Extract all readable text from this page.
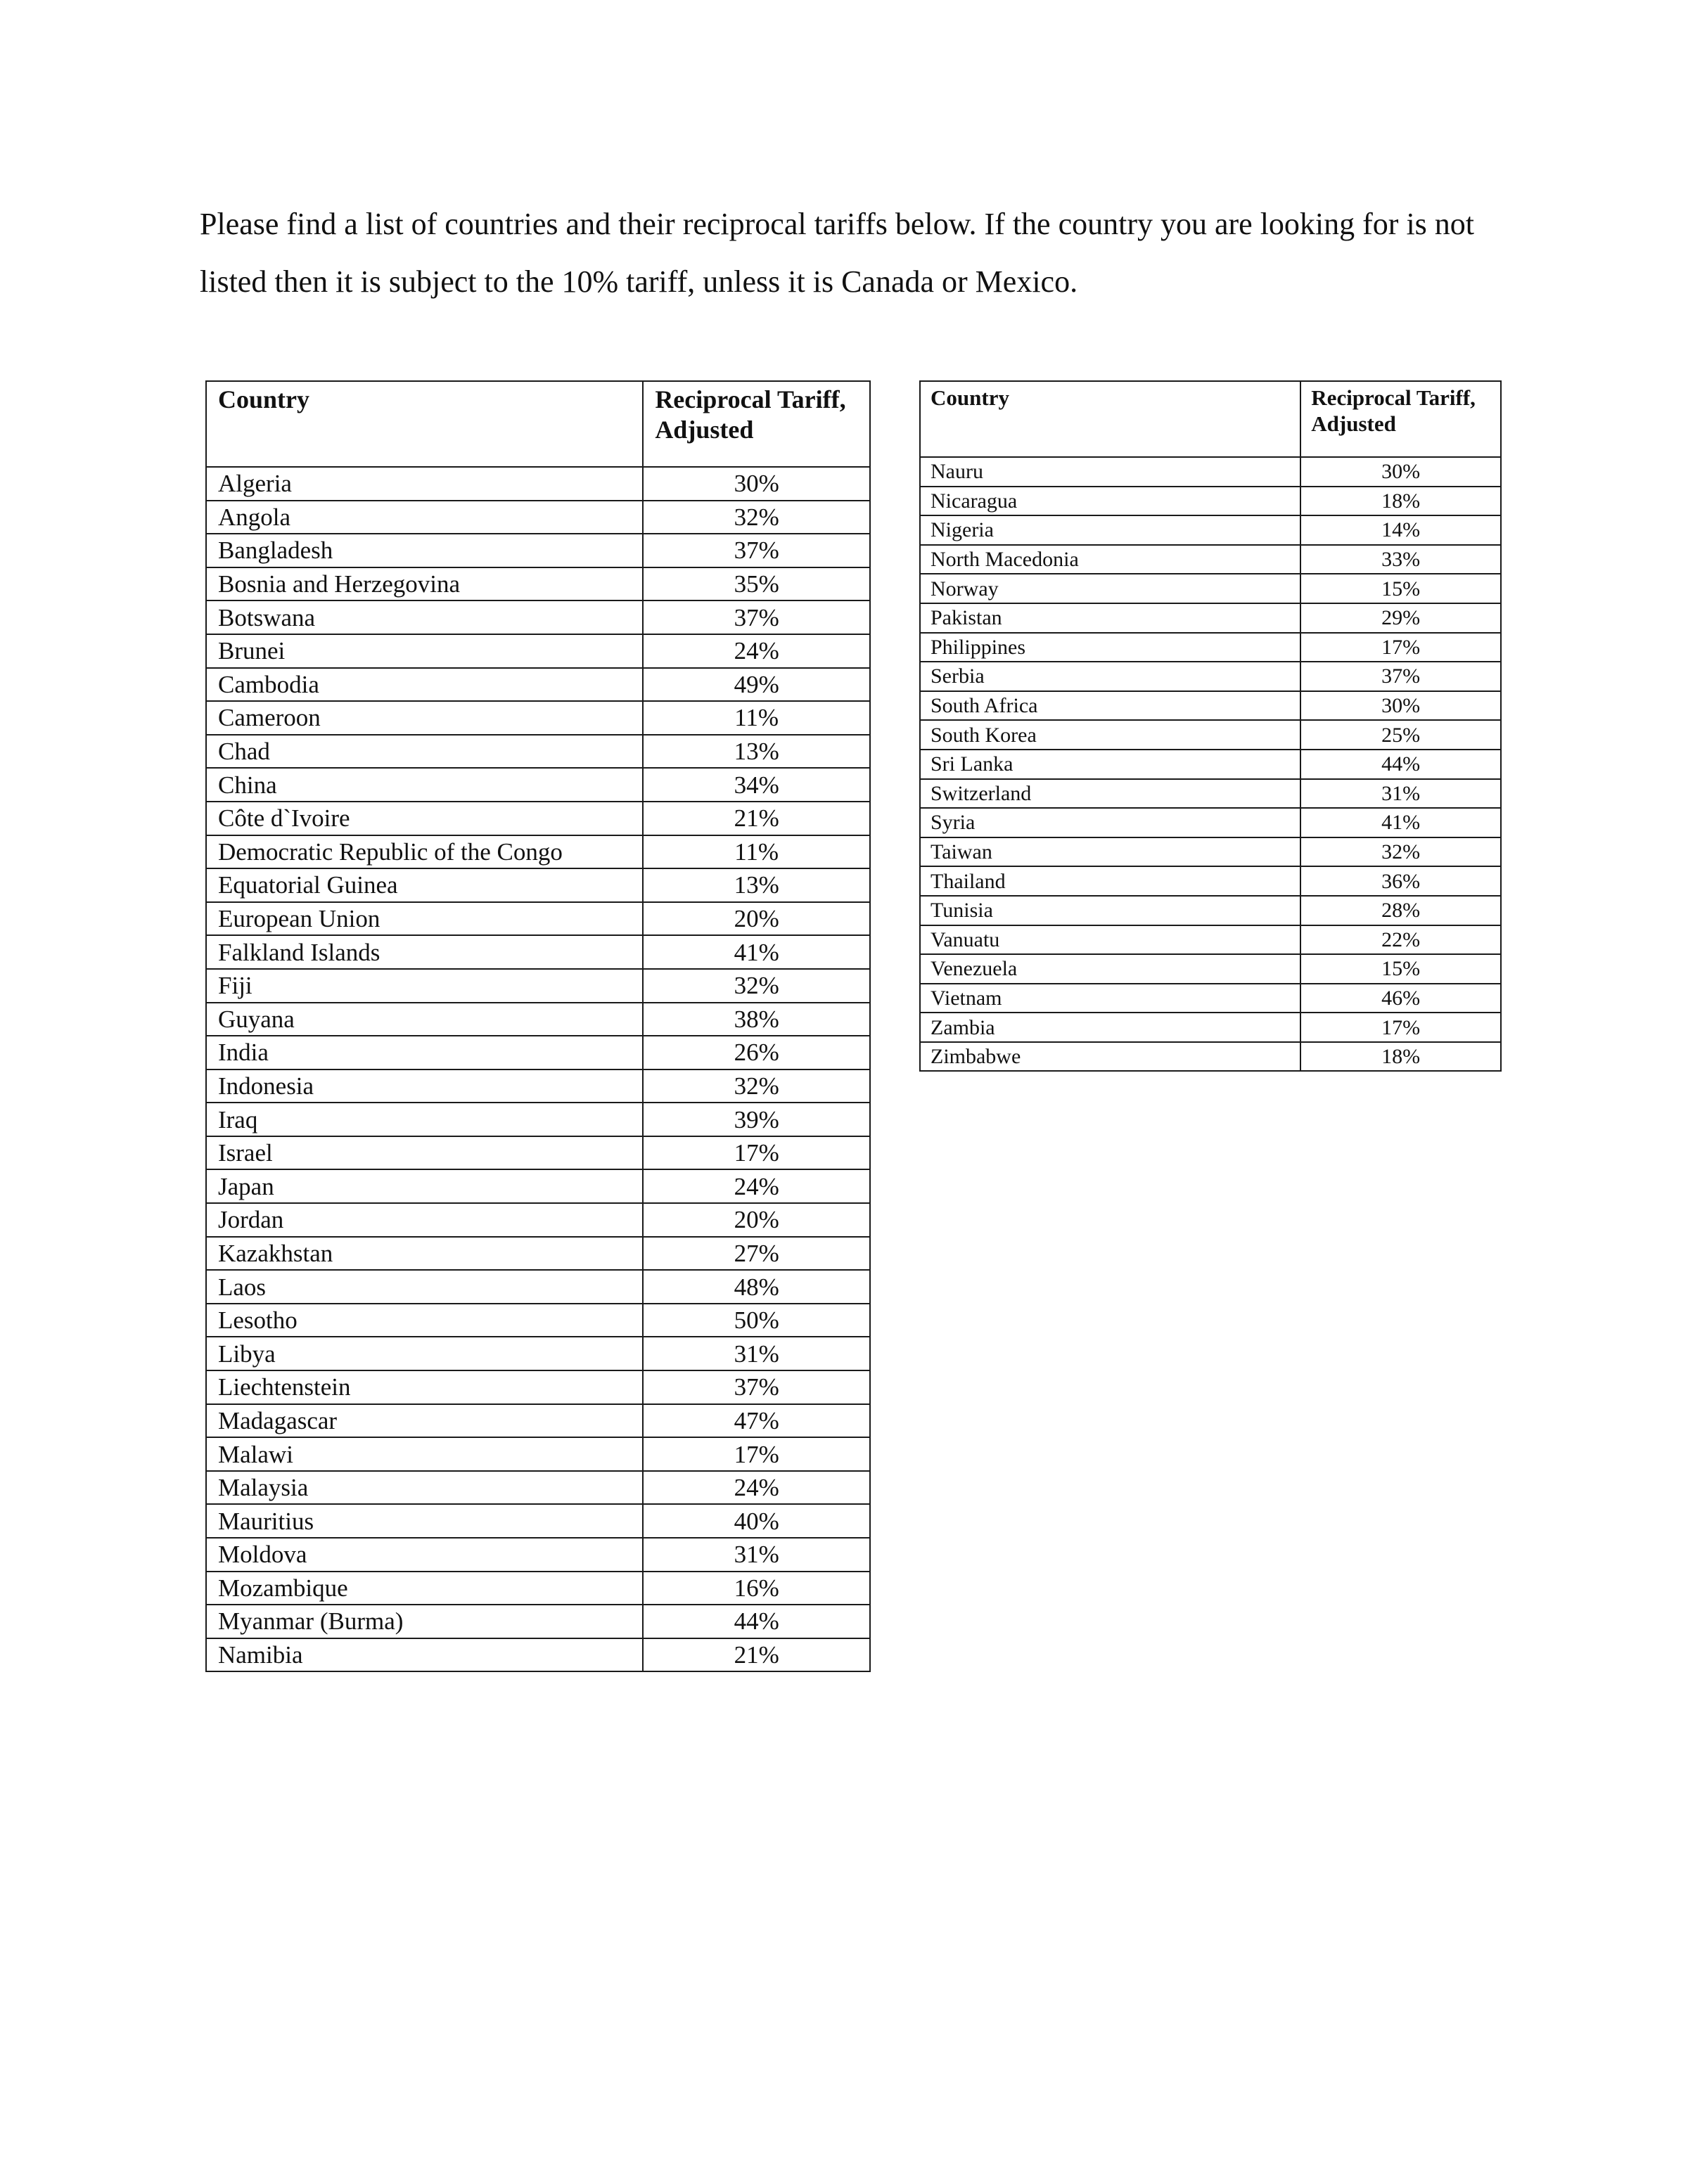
Please find a list of countries and their reciprocal tariffs below. If the country you are looking for is not listed then it is subject to the 10% tariff, unless it is Canada or Mexico.

Country	Reciprocal Tariff, Adjusted
Algeria	30%
Angola	32%
Bangladesh	37%
Bosnia and Herzegovina	35%
Botswana	37%
Brunei	24%
Cambodia	49%
Cameroon	11%
Chad	13%
China	34%
Côte d`Ivoire	21%
Democratic Republic of the Congo	11%
Equatorial Guinea	13%
European Union	20%
Falkland Islands	41%
Fiji	32%
Guyana	38%
India	26%
Indonesia	32%
Iraq	39%
Israel	17%
Japan	24%
Jordan	20%
Kazakhstan	27%
Laos	48%
Lesotho	50%
Libya	31%
Liechtenstein	37%
Madagascar	47%
Malawi	17%
Malaysia	24%
Mauritius	40%
Moldova	31%
Mozambique	16%
Myanmar (Burma)	44%
Namibia	21%
Country	Reciprocal Tariff, Adjusted
Nauru	30%
Nicaragua	18%
Nigeria	14%
North Macedonia	33%
Norway	15%
Pakistan	29%
Philippines	17%
Serbia	37%
South Africa	30%
South Korea	25%
Sri Lanka	44%
Switzerland	31%
Syria	41%
Taiwan	32%
Thailand	36%
Tunisia	28%
Vanuatu	22%
Venezuela	15%
Vietnam	46%
Zambia	17%
Zimbabwe	18%
